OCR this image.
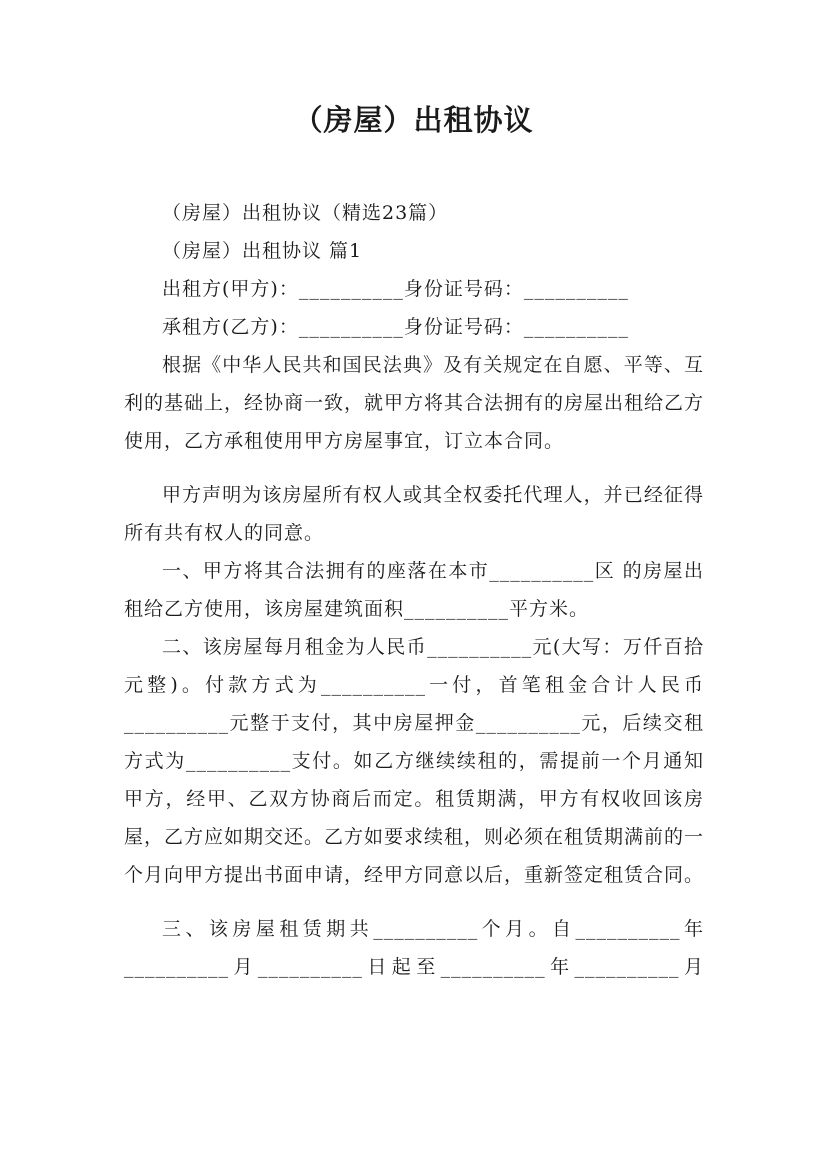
（房屋）出租协议

（房屋）出租协议（精选23篇）

（房屋）出租协议 篇1

出租方(甲方)：__________身份证号码：__________

承租方(乙方)：__________身份证号码：__________

根据《中华人民共和国民法典》及有关规定在自愿、平等、互利的基础上，经协商一致，就甲方将其合法拥有的房屋出租给乙方使用，乙方承租使用甲方房屋事宜，订立本合同。

甲方声明为该房屋所有权人或其全权委托代理人，并已经征得所有共有权人的同意。

一、甲方将其合法拥有的座落在本市__________区 的房屋出租给乙方使用，该房屋建筑面积__________平方米。

二、该房屋每月租金为人民币__________元(大写：万仟百拾元整)。付款方式为__________一付，首笔租金合计人民币__________元整于支付，其中房屋押金__________元，后续交租方式为__________支付。如乙方继续续租的，需提前一个月通知甲方，经甲、乙双方协商后而定。租赁期满，甲方有权收回该房屋，乙方应如期交还。乙方如要求续租，则必须在租赁期满前的一个月向甲方提出书面申请，经甲方同意以后，重新签定租赁合同。

三、该房屋租赁期共__________个月。自__________年__________月__________日起至__________年__________月
